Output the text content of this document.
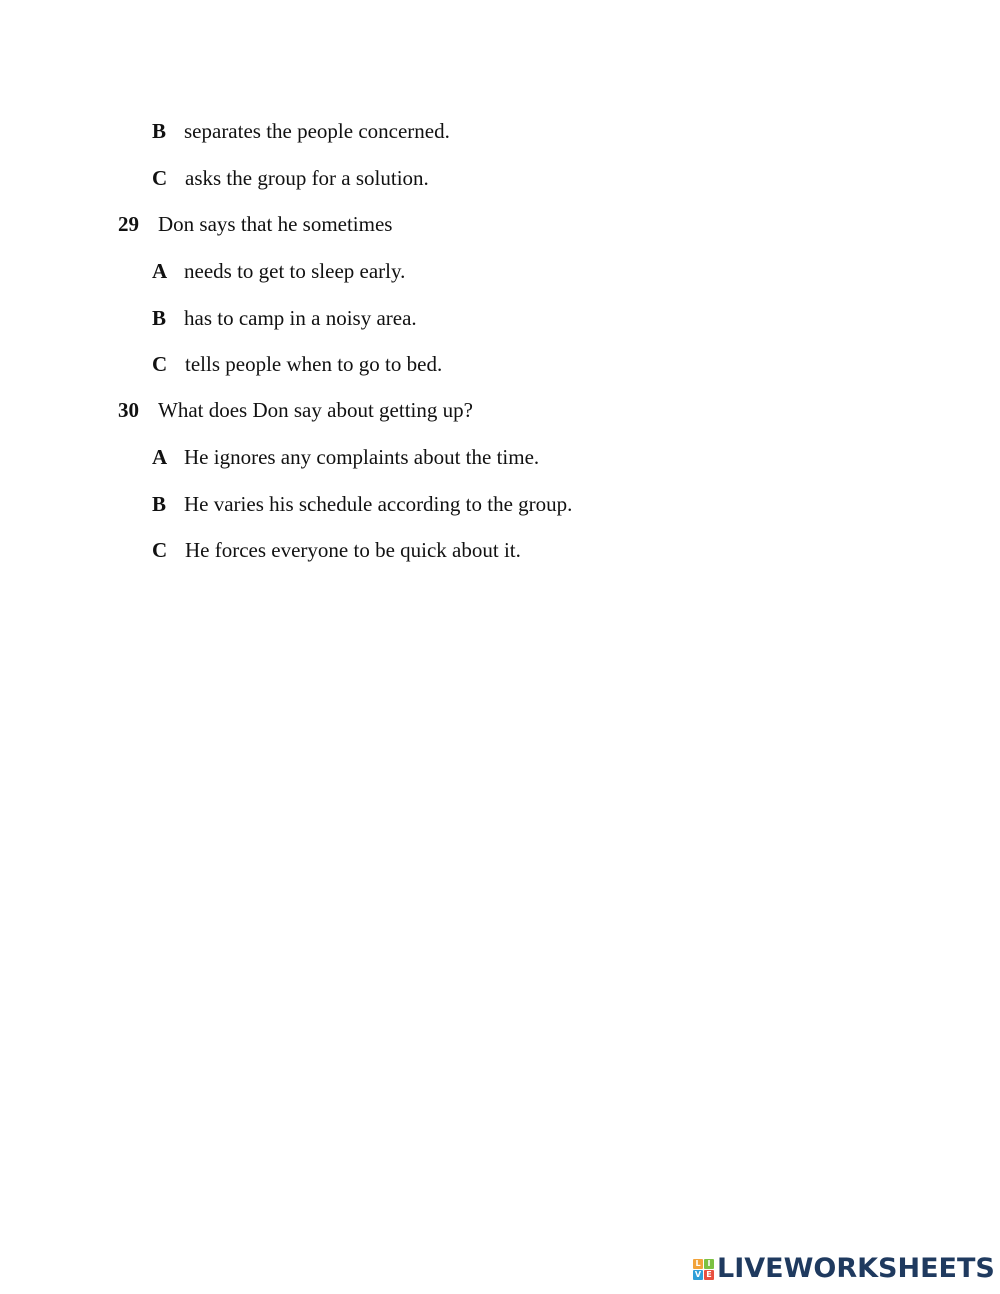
B separates the people concerned.
C asks the group for a solution.
29 Don says that he sometimes
A needs to get to sleep early.
B has to camp in a noisy area.
C tells people when to go to bed.
30 What does Don say about getting up?
A He ignores any complaints about the time.
B He varies his schedule according to the group.
C He forces everyone to be quick about it.
L I
V E LIVEWORKSHEETS
